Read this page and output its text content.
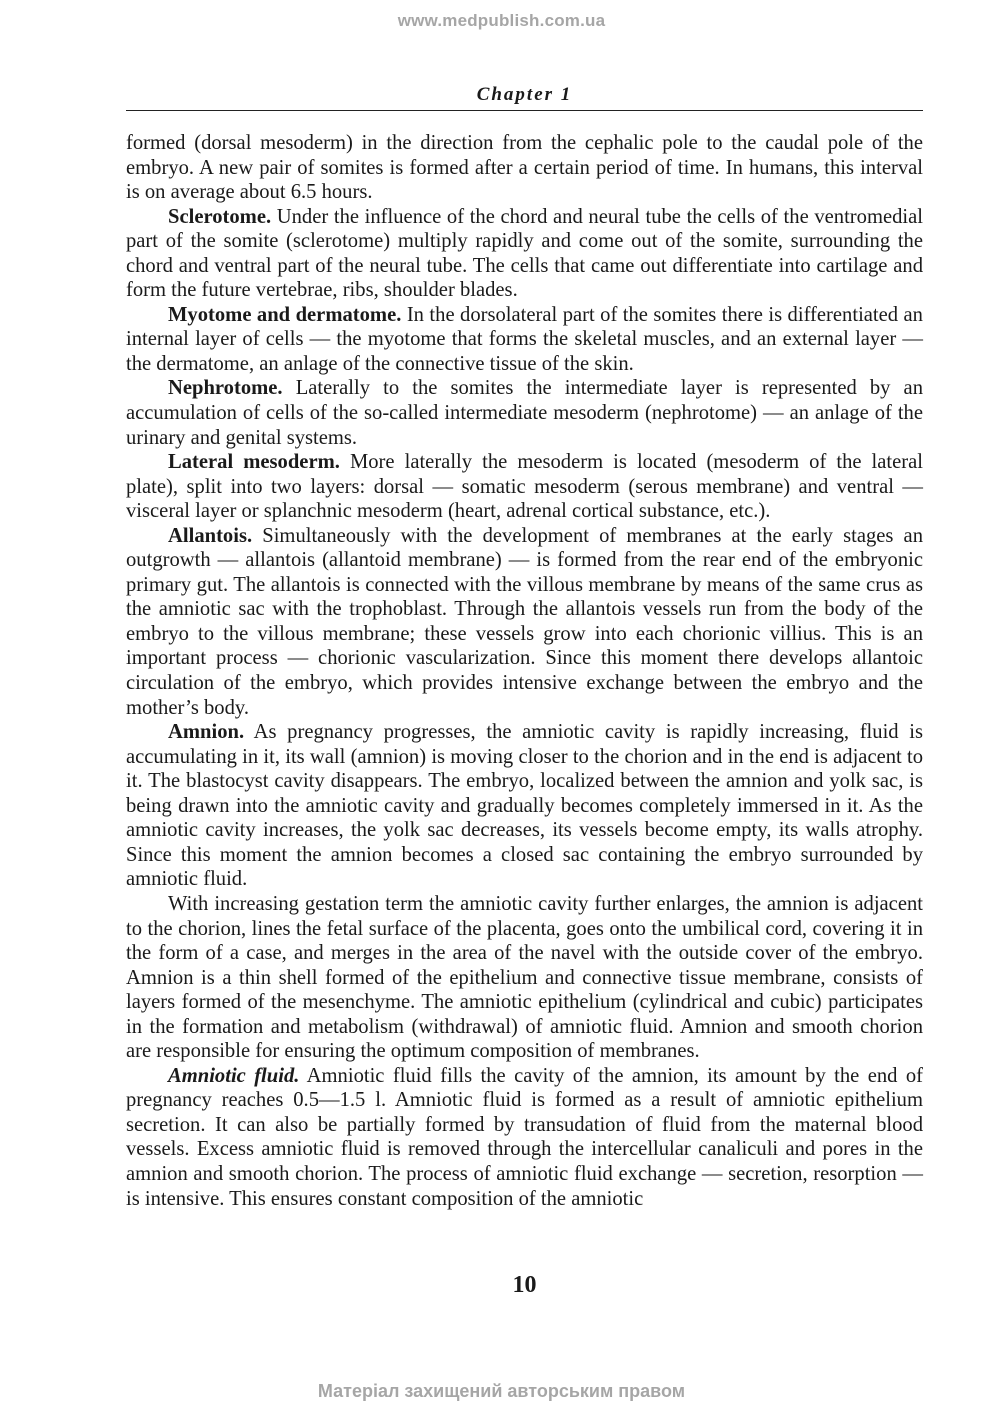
www.medpublish.com.ua
Chapter 1

formed (dorsal mesoderm) in the direction from the cephalic pole to the caudal pole of the embryo. A new pair of somites is formed after a certain period of time. In humans, this interval is on average about 6.5 hours.

Sclerotome. Under the influence of the chord and neural tube the cells of the ventromedial part of the somite (sclerotome) multiply rapidly and come out of the somite, surrounding the chord and ventral part of the neural tube. The cells that came out differentiate into cartilage and form the future vertebrae, ribs, shoulder blades.

Myotome and dermatome. In the dorsolateral part of the somites there is differentiated an internal layer of cells — the myotome that forms the skeletal muscles, and an external layer — the dermatome, an anlage of the connective tissue of the skin.

Nephrotome. Laterally to the somites the intermediate layer is represented by an accumulation of cells of the so-called intermediate mesoderm (nephrotome) — an anlage of the urinary and genital systems.

Lateral mesoderm. More laterally the mesoderm is located (mesoderm of the lateral plate), split into two layers: dorsal — somatic mesoderm (serous membrane) and ventral — visceral layer or splanchnic mesoderm (heart, adrenal cortical substance, etc.).

Allantois. Simultaneously with the development of membranes at the early stages an outgrowth — allantois (allantoid membrane) — is formed from the rear end of the embryonic primary gut. The allantois is connected with the villous membrane by means of the same crus as the amniotic sac with the trophoblast. Through the allantois vessels run from the body of the embryo to the villous membrane; these vessels grow into each chorionic villius. This is an important process — chorionic vascularization. Since this moment there develops allantoic circulation of the embryo, which provides intensive exchange between the embryo and the mother’s body.

Amnion. As pregnancy progresses, the amniotic cavity is rapidly increasing, fluid is accumulating in it, its wall (amnion) is moving closer to the chorion and in the end is adjacent to it. The blastocyst cavity disappears. The embryo, localized between the amnion and yolk sac, is being drawn into the amniotic cavity and gradually becomes completely immersed in it. As the amniotic cavity increases, the yolk sac decreases, its vessels become empty, its walls atrophy. Since this moment the amnion becomes a closed sac containing the embryo surrounded by amniotic fluid.

With increasing gestation term the amniotic cavity further enlarges, the amnion is adjacent to the chorion, lines the fetal surface of the placenta, goes onto the umbilical cord, covering it in the form of a case, and merges in the area of the navel with the outside cover of the embryo. Amnion is a thin shell formed of the epithelium and connective tissue membrane, consists of layers formed of the mesenchyme. The amniotic epithelium (cylindrical and cubic) participates in the formation and metabolism (withdrawal) of amniotic fluid. Amnion and smooth chorion are responsible for ensuring the optimum composition of membranes.

Amniotic fluid. Amniotic fluid fills the cavity of the amnion, its amount by the end of pregnancy reaches 0.5—1.5 l. Amniotic fluid is formed as a result of amniotic epithelium secretion. It can also be partially formed by transudation of fluid from the maternal blood vessels. Excess amniotic fluid is removed through the intercellular canaliculi and pores in the amnion and smooth chorion. The process of amniotic fluid exchange — secretion, resorption — is intensive. This ensures constant composition of the amniotic

10
Матеріал захищений авторським правом
